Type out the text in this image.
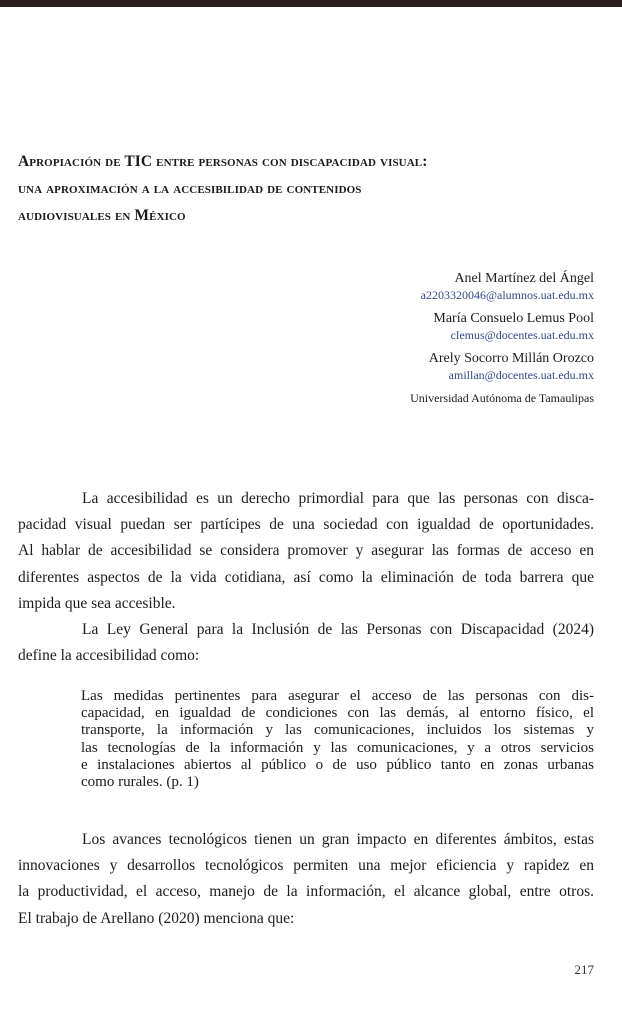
Apropiación de TIC entre personas con discapacidad visual:
una aproximación a la accesibilidad de contenidos
audiovisuales en México
Anel Martínez del Ángel
a2203320046@alumnos.uat.edu.mx
María Consuelo Lemus Pool
clemus@docentes.uat.edu.mx
Arely Socorro Millán Orozco
amillan@docentes.uat.edu.mx
Universidad Autónoma de Tamaulipas
La accesibilidad es un derecho primordial para que las personas con disca-
pacidad visual puedan ser partícipes de una sociedad con igualdad de oportunidades.
Al hablar de accesibilidad se considera promover y asegurar las formas de acceso en
diferentes aspectos de la vida cotidiana, así como la eliminación de toda barrera que
impida que sea accesible.
La Ley General para la Inclusión de las Personas con Discapacidad (2024)
define la accesibilidad como:
Las medidas pertinentes para asegurar el acceso de las personas con dis-
capacidad, en igualdad de condiciones con las demás, al entorno físico, el
transporte, la información y las comunicaciones, incluidos los sistemas y
las tecnologías de la información y las comunicaciones, y a otros servicios
e instalaciones abiertos al público o de uso público tanto en zonas urbanas
como rurales. (p. 1)
Los avances tecnológicos tienen un gran impacto en diferentes ámbitos, estas
innovaciones y desarrollos tecnológicos permiten una mejor eficiencia y rapidez en
la productividad, el acceso, manejo de la información, el alcance global, entre otros.
El trabajo de Arellano (2020) menciona que:
217
